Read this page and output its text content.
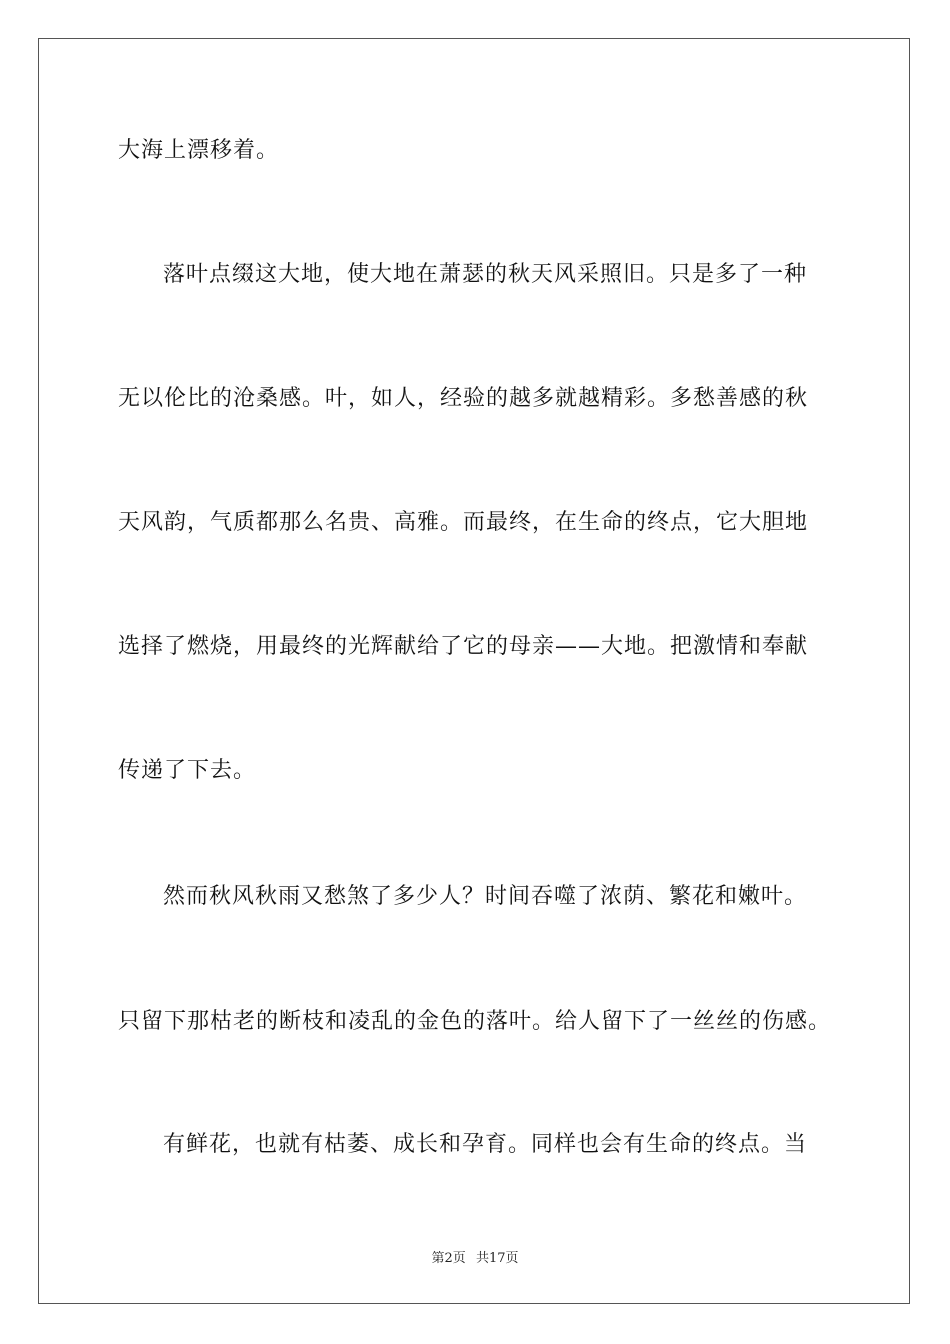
大海上漂移着。
落叶点缀这大地，使大地在萧瑟的秋天风采照旧。只是多了一种
无以伦比的沧桑感。叶，如人，经验的越多就越精彩。多愁善感的秋
天风韵，气质都那么名贵、高雅。而最终，在生命的终点，它大胆地
选择了燃烧，用最终的光辉献给了它的母亲——大地。把激情和奉献
传递了下去。
然而秋风秋雨又愁煞了多少人？时间吞噬了浓荫、繁花和嫩叶。
只留下那枯老的断枝和凌乱的金色的落叶。给人留下了一丝丝的伤感。
有鲜花，也就有枯萎、成长和孕育。同样也会有生命的终点。当
第2页 共17页
